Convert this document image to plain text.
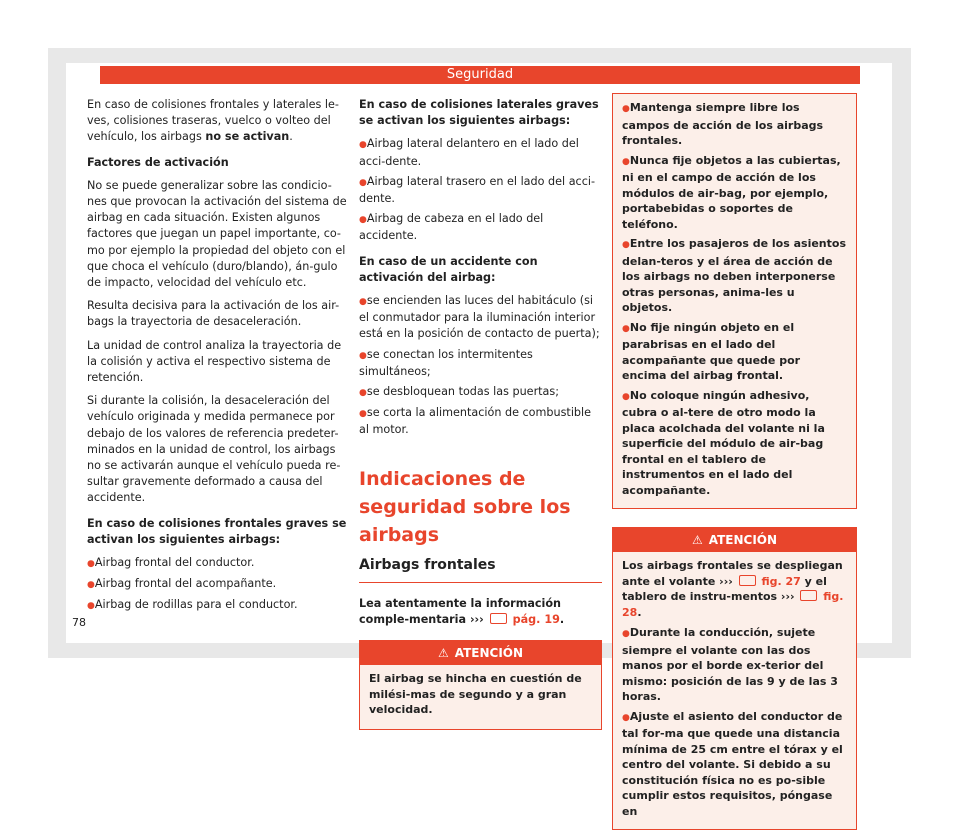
Seguridad

En caso de colisiones frontales y laterales le-ves, colisiones traseras, vuelco o volteo del vehículo, los airbags no se activan.

Factores de activación

No se puede generalizar sobre las condicio-nes que provocan la activación del sistema de airbag en cada situación. Existen algunos factores que juegan un papel importante, co-mo por ejemplo la propiedad del objeto con el que choca el vehículo (duro/blando), án-gulo de impacto, velocidad del vehículo etc.

Resulta decisiva para la activación de los air-bags la trayectoria de desaceleración.

La unidad de control analiza la trayectoria de la colisión y activa el respectivo sistema de retención.

Si durante la colisión, la desaceleración del vehículo originada y medida permanece por debajo de los valores de referencia predeter-minados en la unidad de control, los airbags no se activarán aunque el vehículo pueda re-sultar gravemente deformado a causa del accidente.

En caso de colisiones frontales graves se activan los siguientes airbags:

● Airbag frontal del conductor.

● Airbag frontal del acompañante.

● Airbag de rodillas para el conductor.

En caso de colisiones laterales graves se activan los siguientes airbags:

● Airbag lateral delantero en el lado del acci-dente.

● Airbag lateral trasero en el lado del acci-dente.

● Airbag de cabeza en el lado del accidente.

En caso de un accidente con activación del airbag:

● se encienden las luces del habitáculo (si el conmutador para la iluminación interior está en la posición de contacto de puerta);

● se conectan los intermitentes simultáneos;

● se desbloquean todas las puertas;

● se corta la alimentación de combustible al motor.

Indicaciones de seguridad sobre los airbags
Airbags frontales

Lea atentamente la información comple-mentaria ›››	pág. 19.

⚠ ATENCIÓN

El airbag se hincha en cuestión de milési-mas de segundo y a gran velocidad.

● Mantenga siempre libre los campos de acción de los airbags frontales.

● Nunca fije objetos a las cubiertas, ni en el campo de acción de los módulos de air-bag, por ejemplo, portabebidas o soportes de teléfono.

● Entre los pasajeros de los asientos delan-teros y el área de acción de los airbags no deben interponerse otras personas, anima-les u objetos.

● No fije ningún objeto en el parabrisas en el lado del acompañante que quede por encima del airbag frontal.

● No coloque ningún adhesivo, cubra o al-tere de otro modo la placa acolchada del volante ni la superficie del módulo de air-bag frontal en el tablero de instrumentos en el lado del acompañante.

⚠ ATENCIÓN

Los airbags frontales se despliegan ante el volante ›››	fig. 27 y el tablero de instru-mentos ›››	fig. 28.

● Durante la conducción, sujete siempre el volante con las dos manos por el borde ex-terior del mismo: posición de las 9 y de las 3 horas.

● Ajuste el asiento del conductor de tal for-ma que quede una distancia mínima de 25 cm entre el tórax y el centro del volante. Si debido a su constitución física no es po-sible cumplir estos requisitos, póngase en

78
